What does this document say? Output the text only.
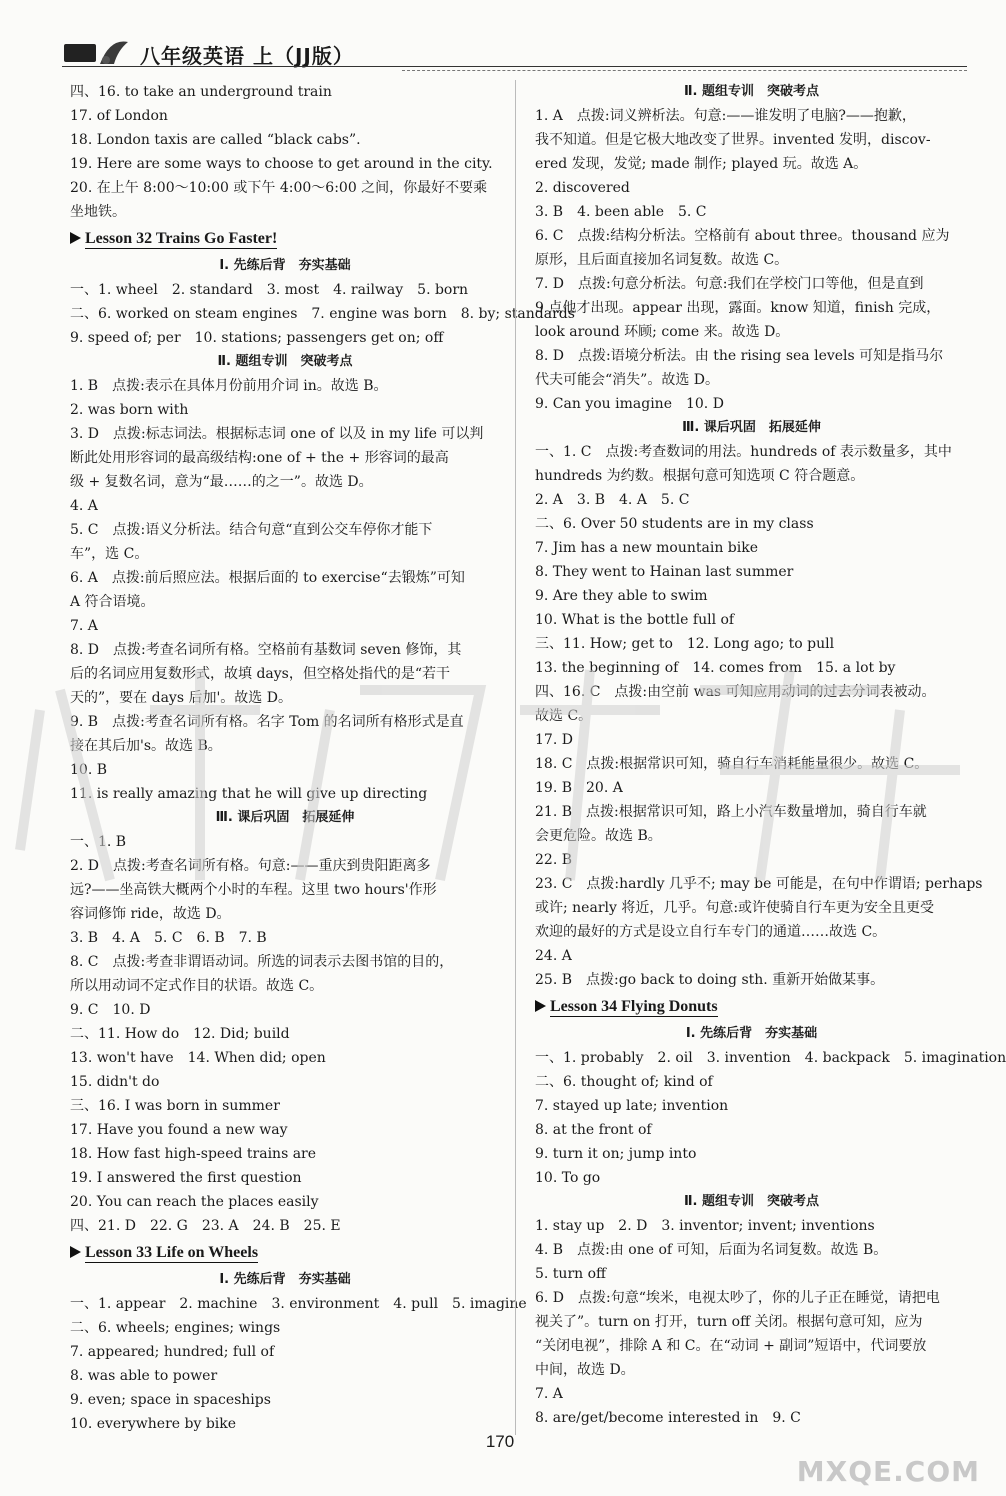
八年级英语 上（JJ版）
四、16. to take an underground train
17. of London
18. London taxis are called “black cabs”.
19. Here are some ways to choose to get around in the city.
20. 在上午 8:00～10:00 或下午 4:00～6:00 之间，你最好不要乘
坐地铁。
Lesson 32 Trains Go Faster!
Ⅰ. 先练后背　夯实基础
一、1. wheel　2. standard　3. most　4. railway　5. born
二、6. worked on steam engines　7. engine was born　8. by; standards
9. speed of; per　10. stations; passengers get on; off
Ⅱ. 题组专训　突破考点
1. B　点拨:表示在具体月份前用介词 in。故选 B。
2. was born with
3. D　点拨:标志词法。根据标志词 one of 以及 in my life 可以判
断此处用形容词的最高级结构:one of + the + 形容词的最高
级 + 复数名词，意为“最……的之一”。故选 D。
4. A
5. C　点拨:语义分析法。结合句意“直到公交车停你才能下
车”，选 C。
6. A　点拨:前后照应法。根据后面的 to exercise“去锻炼”可知
A 符合语境。
7. A
8. D　点拨:考查名词所有格。空格前有基数词 seven 修饰，其
后的名词应用复数形式，故填 days，但空格处指代的是“若干
天的”，要在 days 后加'。故选 D。
9. B　点拨:考查名词所有格。名字 Tom 的名词所有格形式是直
接在其后加's。故选 B。
10. B
11. is really amazing that he will give up directing
Ⅲ. 课后巩固　拓展延伸
一、1. B
2. D　点拨:考查名词所有格。句意:——重庆到贵阳距离多
远?——坐高铁大概两个小时的车程。这里 two hours'作形
容词修饰 ride，故选 D。
3. B　4. A　5. C　6. B　7. B
8. C　点拨:考查非谓语动词。所选的词表示去图书馆的目的，
所以用动词不定式作目的状语。故选 C。
9. C　10. D
二、11. How do　12. Did; build
13. won't have　14. When did; open
15. didn't do
三、16. I was born in summer
17. Have you found a new way
18. How fast high-speed trains are
19. I answered the first question
20. You can reach the places easily
四、21. D　22. G　23. A　24. B　25. E
Lesson 33 Life on Wheels
Ⅰ. 先练后背　夯实基础
一、1. appear　2. machine　3. environment　4. pull　5. imagine
二、6. wheels; engines; wings
7. appeared; hundred; full of
8. was able to power
9. even; space in spaceships
10. everywhere by bike
Ⅱ. 题组专训　突破考点
1. A　点拨:词义辨析法。句意:——谁发明了电脑?——抱歉，
我不知道。但是它极大地改变了世界。invented 发明，discov-
ered 发现，发觉; made 制作; played 玩。故选 A。
2. discovered
3. B　4. been able　5. C
6. C　点拨:结构分析法。空格前有 about three。thousand 应为
原形，且后面直接加名词复数。故选 C。
7. D　点拨:句意分析法。句意:我们在学校门口等他，但是直到
9 点他才出现。appear 出现，露面。know 知道，finish 完成，
look around 环顾; come 来。故选 D。
8. D　点拨:语境分析法。由 the rising sea levels 可知是指马尔
代夫可能会“消失”。故选 D。
9. Can you imagine　10. D
Ⅲ. 课后巩固　拓展延伸
一、1. C　点拨:考查数词的用法。hundreds of 表示数量多，其中
hundreds 为约数。根据句意可知选项 C 符合题意。
2. A　3. B　4. A　5. C
二、6. Over 50 students are in my class
7. Jim has a new mountain bike
8. They went to Hainan last summer
9. Are they able to swim
10. What is the bottle full of
三、11. How; get to　12. Long ago; to pull
13. the beginning of　14. comes from　15. a lot by
四、16. C　点拨:由空前 was 可知应用动词的过去分词表被动。
故选 C。
17. D
18. C　点拨:根据常识可知，骑自行车消耗能量很少。故选 C。
19. B　20. A
21. B　点拨:根据常识可知，路上小汽车数量增加，骑自行车就
会更危险。故选 B。
22. B
23. C　点拨:hardly 几乎不; may be 可能是，在句中作谓语; perhaps
或许; nearly 将近，几乎。句意:或许使骑自行车更为安全且更受
欢迎的最好的方式是设立自行车专门的通道……故选 C。
24. A
25. B　点拨:go back to doing sth. 重新开始做某事。
Lesson 34 Flying Donuts
Ⅰ. 先练后背　夯实基础
一、1. probably　2. oil　3. invention　4. backpack　5. imagination
二、6. thought of; kind of
7. stayed up late; invention
8. at the front of
9. turn it on; jump into
10. To go
Ⅱ. 题组专训　突破考点
1. stay up　2. D　3. inventor; invent; inventions
4. B　点拨:由 one of 可知，后面为名词复数。故选 B。
5. turn off
6. D　点拨:句意“埃米，电视太吵了，你的儿子正在睡觉，请把电
视关了”。turn on 打开，turn off 关闭。根据句意可知，应为
“关闭电视”，排除 A 和 C。在“动词 + 副词”短语中，代词要放
中间，故选 D。
7. A
8. are/get/become interested in　9. C
170
MXQE.COM
